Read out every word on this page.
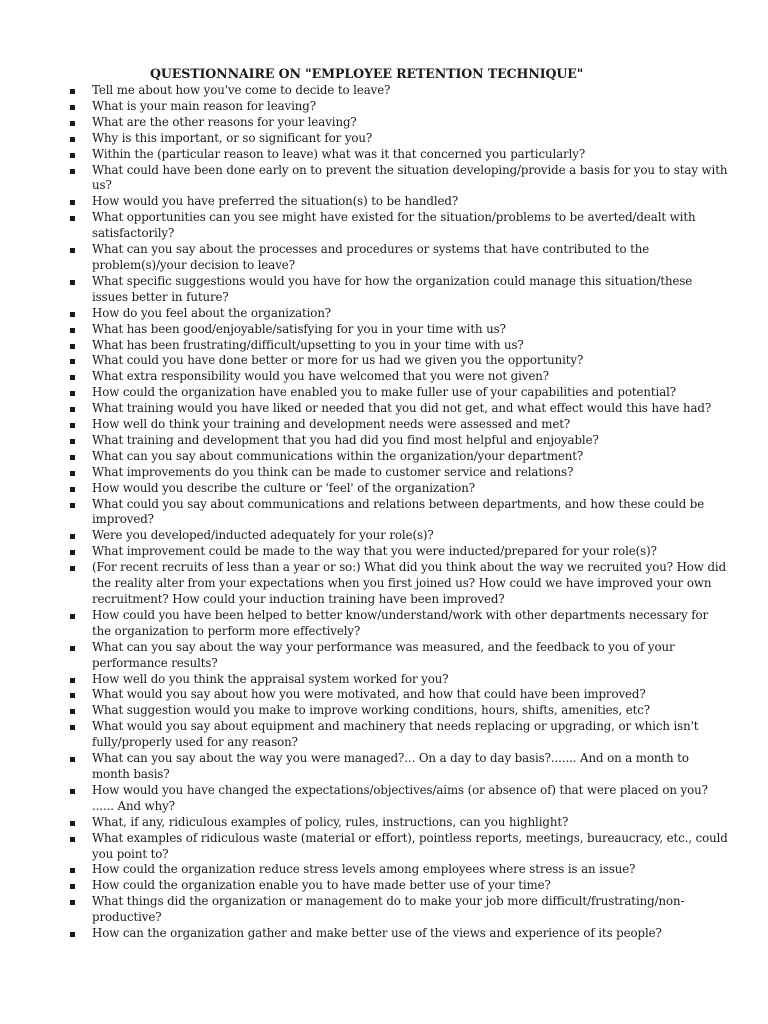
QUESTIONNAIRE ON "EMPLOYEE RETENTION TECHNIQUE"
Tell me about how you've come to decide to leave?
What is your main reason for leaving?
What are the other reasons for your leaving?
Why is this important, or so significant for you?
Within the (particular reason to leave) what was it that concerned you particularly?
What could have been done early on to prevent the situation developing/provide a basis for you to stay with us?
How would you have preferred the situation(s) to be handled?
What opportunities can you see might have existed for the situation/problems to be averted/dealt with satisfactorily?
What can you say about the processes and procedures or systems that have contributed to the problem(s)/your decision to leave?
What specific suggestions would you have for how the organization could manage this situation/these issues better in future?
How do you feel about the organization?
What has been good/enjoyable/satisfying for you in your time with us?
What has been frustrating/difficult/upsetting to you in your time with us?
What could you have done better or more for us had we given you the opportunity?
What extra responsibility would you have welcomed that you were not given?
How could the organization have enabled you to make fuller use of your capabilities and potential?
What training would you have liked or needed that you did not get, and what effect would this have had?
How well do think your training and development needs were assessed and met?
What training and development that you had did you find most helpful and enjoyable?
What can you say about communications within the organization/your department?
What improvements do you think can be made to customer service and relations?
How would you describe the culture or 'feel' of the organization?
What could you say about communications and relations between departments, and how these could be improved?
Were you developed/inducted adequately for your role(s)?
What improvement could be made to the way that you were inducted/prepared for your role(s)?
(For recent recruits of less than a year or so:) What did you think about the way we recruited you? How did the reality alter from your expectations when you first joined us? How could we have improved your own recruitment? How could your induction training have been improved?
How could you have been helped to better know/understand/work with other departments necessary for the organization to perform more effectively?
What can you say about the way your performance was measured, and the feedback to you of your performance results?
How well do you think the appraisal system worked for you?
What would you say about how you were motivated, and how that could have been improved?
What suggestion would you make to improve working conditions, hours, shifts, amenities, etc?
What would you say about equipment and machinery that needs replacing or upgrading, or which isn't fully/properly used for any reason?
What can you say about the way you were managed?... On a day to day basis?....... And on a month to month basis?
How would you have changed the expectations/objectives/aims (or absence of) that were placed on you? ...... And why?
What, if any, ridiculous examples of policy, rules, instructions, can you highlight?
What examples of ridiculous waste (material or effort), pointless reports, meetings, bureaucracy, etc., could you point to?
How could the organization reduce stress levels among employees where stress is an issue?
How could the organization enable you to have made better use of your time?
What things did the organization or management do to make your job more difficult/frustrating/non-productive?
How can the organization gather and make better use of the views and experience of its people?
